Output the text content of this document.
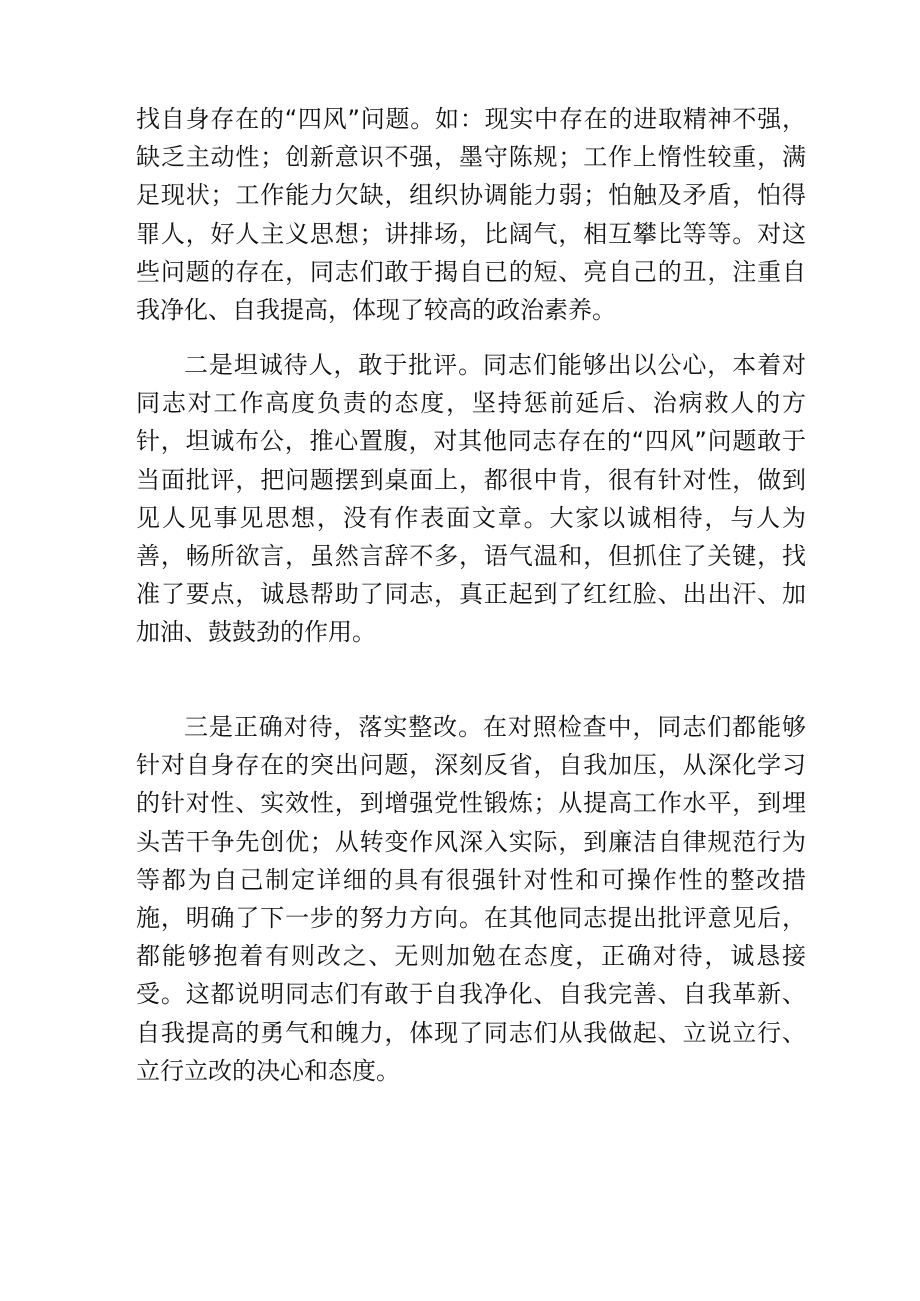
找自身存在的“四风”问题。如：现实中存在的进取精神不强，缺乏主动性；创新意识不强，墨守陈规；工作上惰性较重，满足现状；工作能力欠缺，组织协调能力弱；怕触及矛盾，怕得罪人，好人主义思想；讲排场，比阔气，相互攀比等等。对这些问题的存在，同志们敢于揭自已的短、亮自己的丑，注重自我净化、自我提高，体现了较高的政治素养。

二是坦诚待人，敢于批评。同志们能够出以公心，本着对同志对工作高度负责的态度，坚持惩前延后、治病救人的方针，坦诚布公，推心置腹，对其他同志存在的“四风”问题敢于当面批评，把问题摆到桌面上，都很中肯，很有针对性，做到见人见事见思想，没有作表面文章。大家以诚相待，与人为善，畅所欲言，虽然言辞不多，语气温和，但抓住了关键，找准了要点，诚恳帮助了同志，真正起到了红红脸、出出汗、加加油、鼓鼓劲的作用。

三是正确对待，落实整改。在对照检查中，同志们都能够针对自身存在的突出问题，深刻反省，自我加压，从深化学习的针对性、实效性，到增强党性锻炼；从提高工作水平，到埋头苦干争先创优；从转变作风深入实际，到廉洁自律规范行为等都为自己制定详细的具有很强针对性和可操作性的整改措施，明确了下一步的努力方向。在其他同志提出批评意见后，都能够抱着有则改之、无则加勉在态度，正确对待，诚恳接受。这都说明同志们有敢于自我净化、自我完善、自我革新、自我提高的勇气和魄力，体现了同志们从我做起、立说立行、立行立改的决心和态度。
